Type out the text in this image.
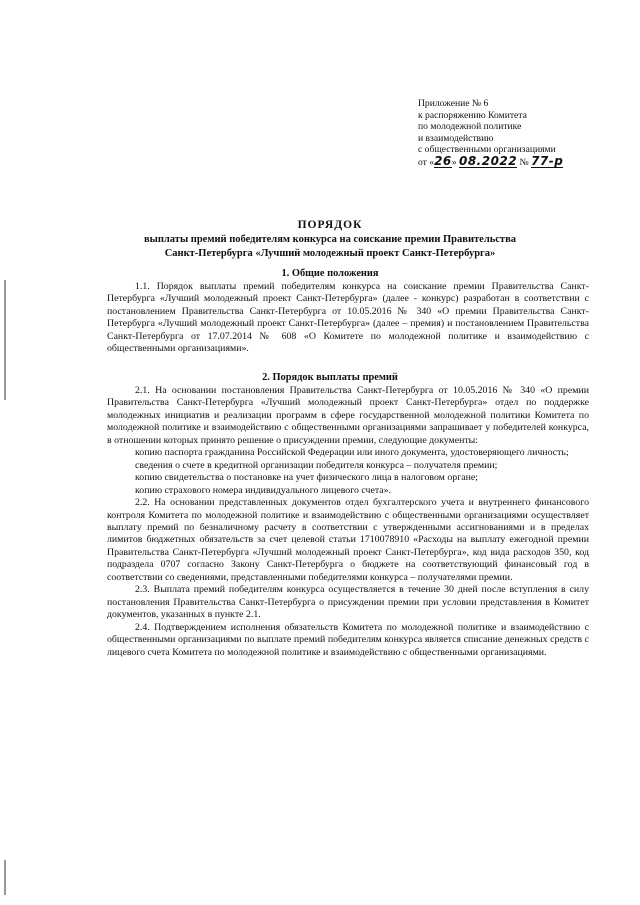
Приложение № 6
к распоряжению Комитета
по молодежной политике
и взаимодействию
с общественными организациями
от «26» 08.2022 № 77-р
ПОРЯДОК
выплаты премий победителям конкурса на соискание премии Правительства
Санкт-Петербурга «Лучший молодежный проект Санкт-Петербурга»
1. Общие положения

1.1. Порядок выплаты премий победителям конкурса на соискание премии Правительства Санкт-Петербурга «Лучший молодежный проект Санкт-Петербурга» (далее - конкурс) разработан в соответствии с постановлением Правительства Санкт-Петербурга от 10.05.2016 № 340 «О премии Правительства Санкт-Петербурга «Лучший молодежный проект Санкт-Петербурга» (далее – премия) и постановлением Правительства Санкт-Петербурга от 17.07.2014 № 608 «О Комитете по молодежной политике и взаимодействию с общественными организациями».

2. Порядок выплаты премий

2.1. На основании постановления Правительства Санкт-Петербурга от 10.05.2016 № 340 «О премии Правительства Санкт-Петербурга «Лучший молодежный проект Санкт-Петербурга» отдел по поддержке молодежных инициатив и реализации программ в сфере государственной молодежной политики Комитета по молодежной политике и взаимодействию с общественными организациями запрашивает у победителей конкурса, в отношении которых принято решение о присуждении премии, следующие документы:

копию паспорта гражданина Российской Федерации или иного документа, удостоверяющего личность;

сведения о счете в кредитной организации победителя конкурса – получателя премии;

копию свидетельства о постановке на учет физического лица в налоговом органе;

копию страхового номера индивидуального лицевого счета».

2.2. На основании представленных документов отдел бухгалтерского учета и внутреннего финансового контроля Комитета по молодежной политике и взаимодействию с общественными организациями осуществляет выплату премий по безналичному расчету в соответствии с утвержденными ассигнованиями и в пределах лимитов бюджетных обязательств за счет целевой статьи 1710078910 «Расходы на выплату ежегодной премии Правительства Санкт-Петербурга «Лучший молодежный проект Санкт-Петербурга», код вида расходов 350, код подраздела 0707 согласно Закону Санкт-Петербурга о бюджете на соответствующий финансовый год в соответствии со сведениями, представленными победителями конкурса – получателями премии.

2.3. Выплата премий победителям конкурса осуществляется в течение 30 дней после вступления в силу постановления Правительства Санкт-Петербурга о присуждении премии при условии представления в Комитет документов, указанных в пункте 2.1.

2.4. Подтверждением исполнения обязательств Комитета по молодежной политике и взаимодействию с общественными организациями по выплате премий победителям конкурса является списание денежных средств с лицевого счета Комитета по молодежной политике и взаимодействию с общественными организациями.
